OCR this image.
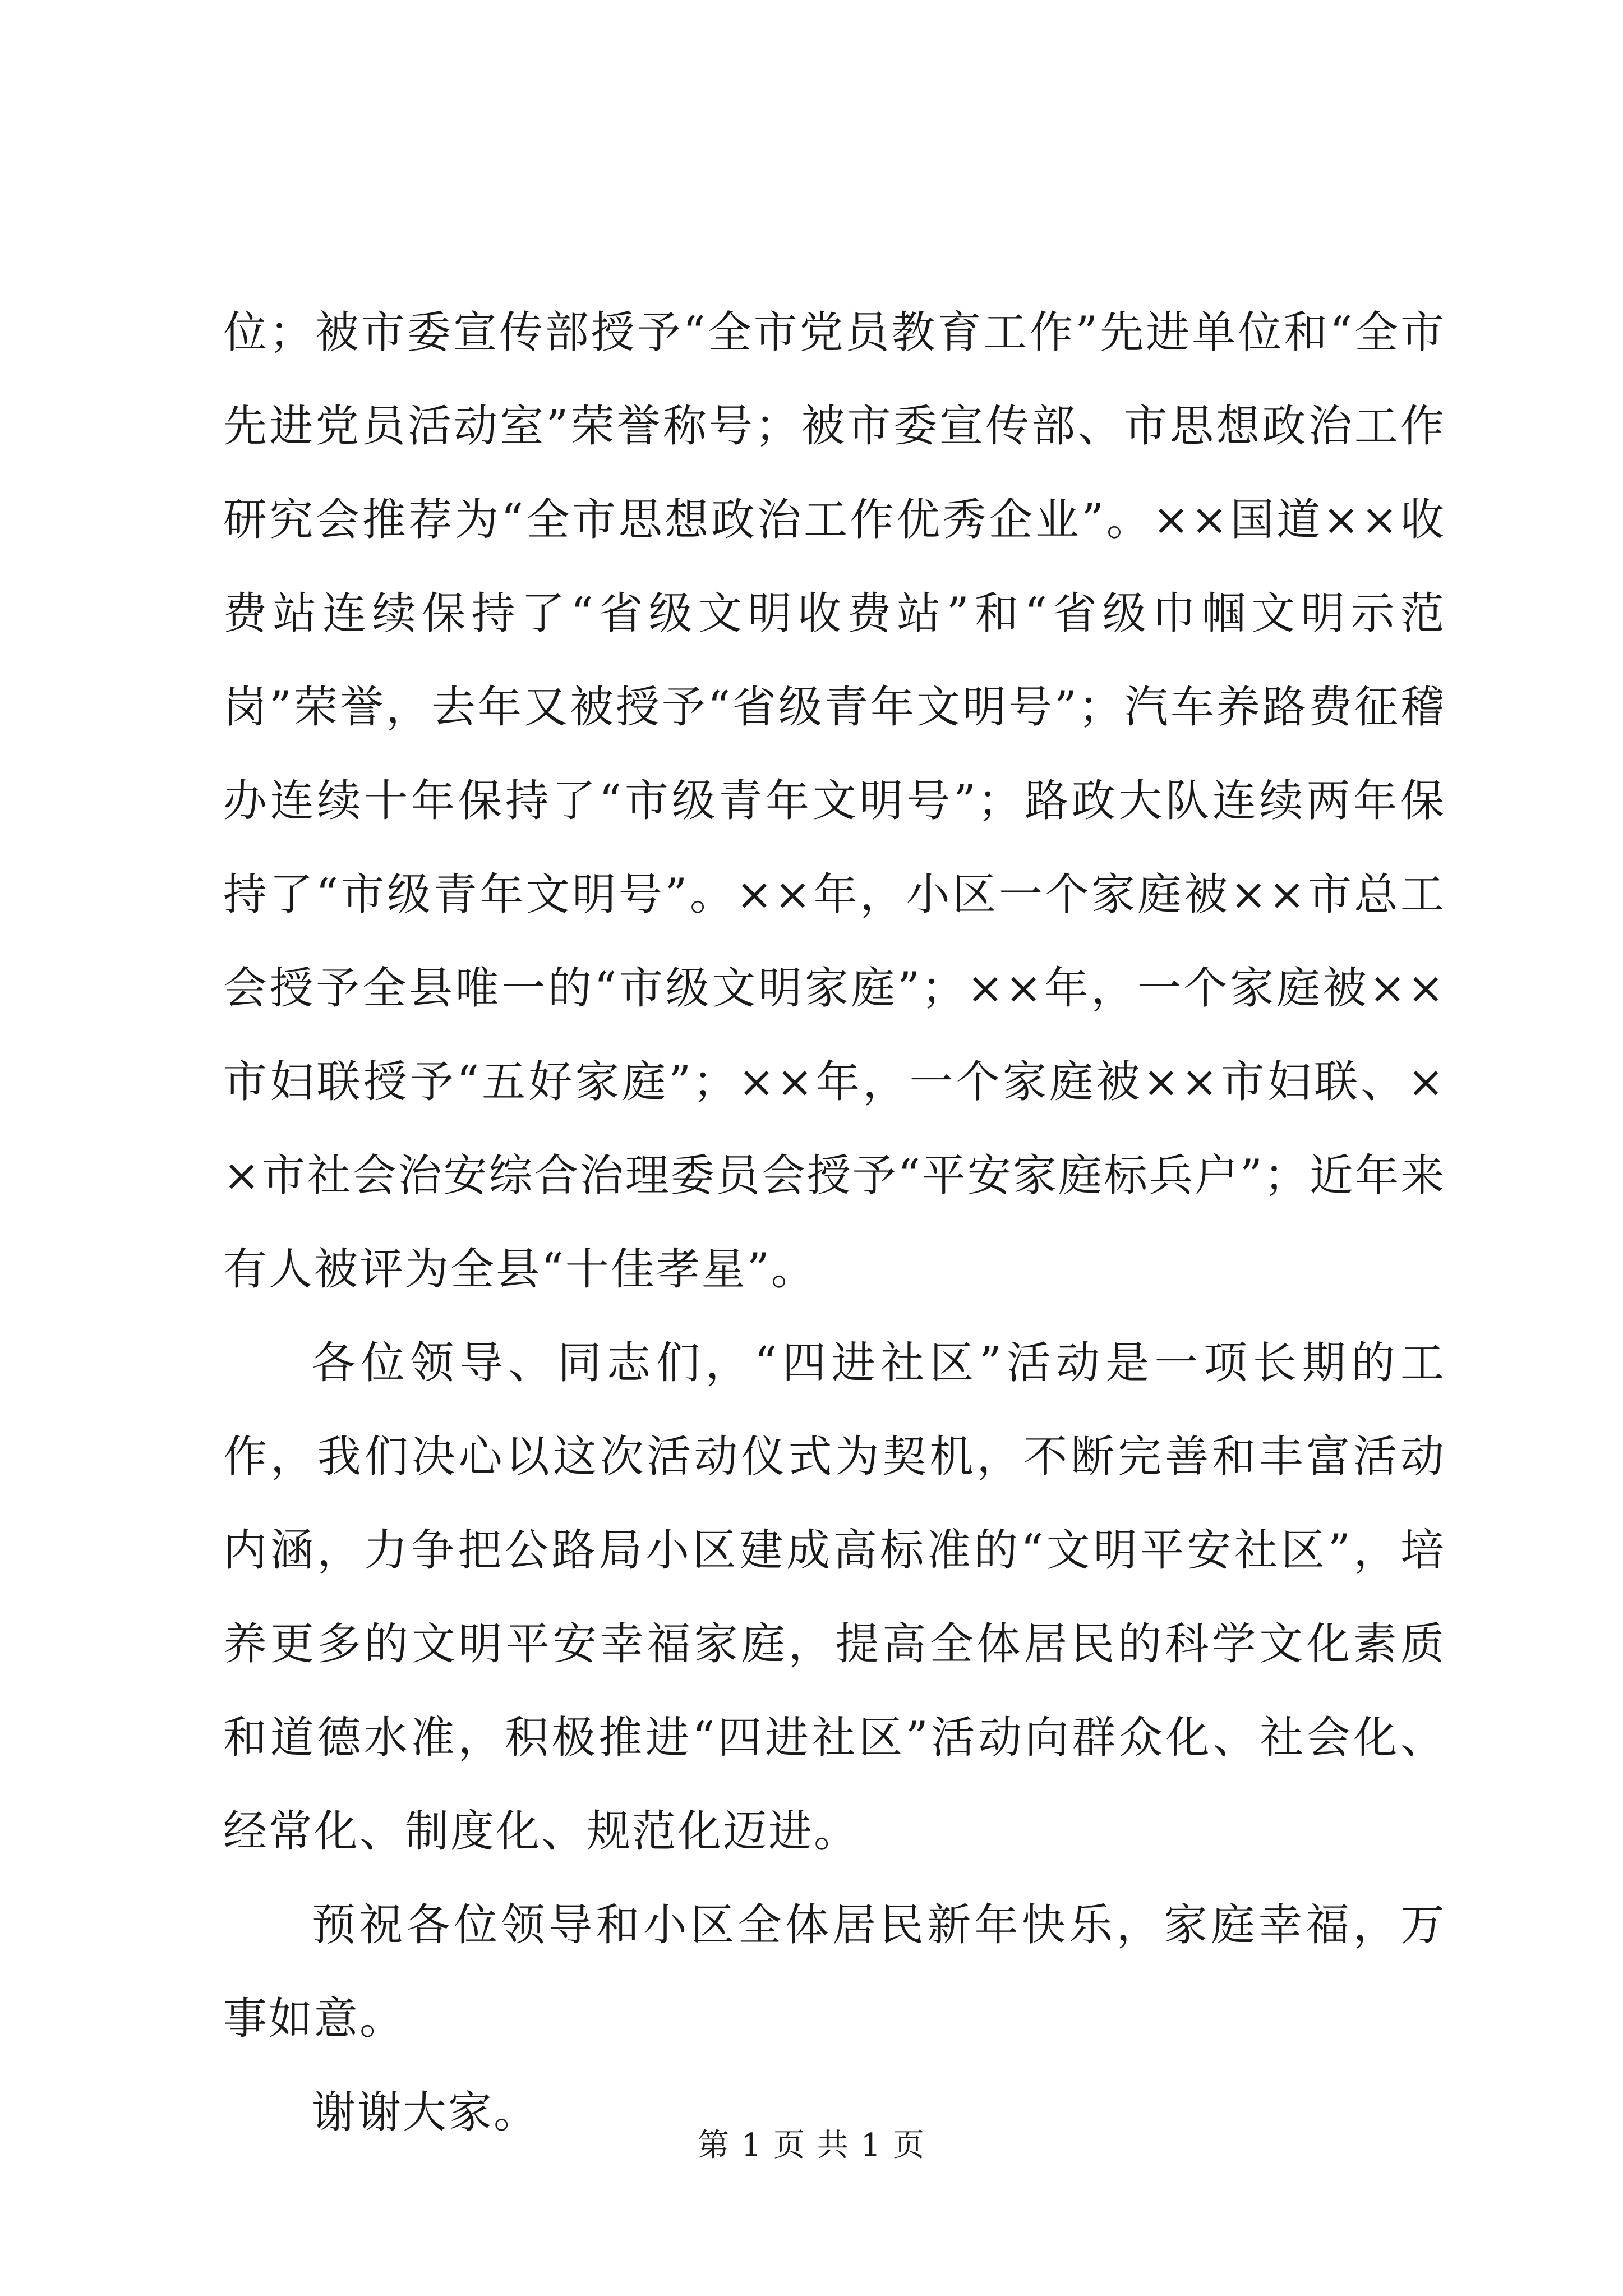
位；被市委宣传部授予“全市党员教育工作”先进单位和“全市先进党员活动室”荣誉称号；被市委宣传部、市思想政治工作研究会推荐为“全市思想政治工作优秀企业”。××国道××收费站连续保持了“省级文明收费站”和“省级巾帼文明示范岗”荣誉，去年又被授予“省级青年文明号”；汽车养路费征稽办连续十年保持了“市级青年文明号”；路政大队连续两年保持了“市级青年文明号”。××年，小区一个家庭被××市总工会授予全县唯一的“市级文明家庭”；××年，一个家庭被××市妇联授予“五好家庭”；××年，一个家庭被××市妇联、××市社会治安综合治理委员会授予“平安家庭标兵户”；近年来有人被评为全县“十佳孝星”。

各位领导、同志们，“四进社区”活动是一项长期的工作，我们决心以这次活动仪式为契机，不断完善和丰富活动内涵，力争把公路局小区建成高标准的“文明平安社区”，培养更多的文明平安幸福家庭，提高全体居民的科学文化素质和道德水准，积极推进“四进社区”活动向群众化、社会化、经常化、制度化、规范化迈进。

预祝各位领导和小区全体居民新年快乐，家庭幸福，万事如意。

谢谢大家。

第 1 页 共 1 页
